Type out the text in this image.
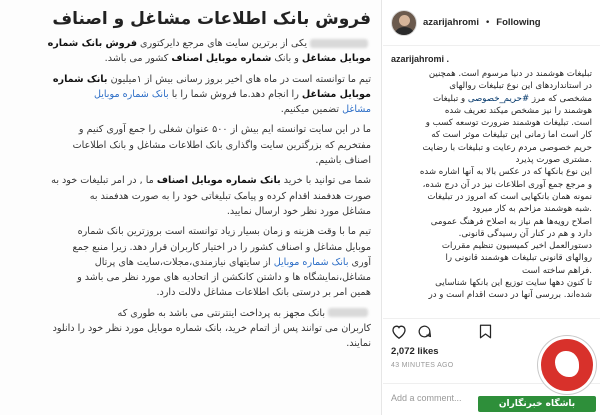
فروش بانک اطلاعات مشاغل و اصناف
یکی از برترین سایت های مرجع دایرکتوری فروش بانک شماره
موبایل مشاغل و بانک شماره موبایل اصناف کشور می باشد.
تیم ما توانسته است در ماه های اخیر بروز رسانی بیش از ۱میلیون بانک شماره
موبایل مشاغل را انجام دهد.ما فروش شما را با بانک شماره موبایل
مشاغل تضمین میکنیم.
ما در این سایت توانسته ایم بیش از ۵۰۰ عنوان شغلی را جمع آوری کنیم و
مفتخریم که بزرگترین سایت واگذاری بانک اطلاعات مشاغل و بانک اطلاعات
اصناف باشیم.
شما می توانید با خرید بانک شماره موبایل اصناف ما , در امر تبلیغات خود به
صورت هدفمند اقدام کرده و پیامک تبلیغاتی خود را به صورت هدفمند به
مشاغل مورد نظر خود ارسال نمایید.
تیم ما با وقت هزینه و زمان بسیار زیاد توانسته است بروزترین بانک شماره
موبایل مشاغل و اصناف کشور را در اختیار کاربران قرار دهد. زیرا منبع جمع
آوری بانک شماره موبایل از سایتهای نیازمندی،مجلات،سایت های پرتال
مشاغل،نمایشگاه ها و داشتن کانکشن از اتحادیه های مورد نظر می باشد و
همین امر بر درستی بانک اطلاعات مشاغل دلالت دارد.
بانک مجهز به پرداخت اینترنتی می باشد به طوری که
کاربران می توانند پس از اتمام خرید، بانک شماره موبایل مورد نظر خود را دانلود
نمایند.
azarijahromi • Following
azarijahromi .
تبلیغات هوشمند در دنیا مرسوم است. همچنین
در استانداردهای این نوع تبلیغات روالهای
مشخصی که مرز #حریم_خصوصی و تبلیغات
هوشمند را نیز مشخص میکند تعریف شده
است. تبلیغات هوشمند ضرورت توسعه کسب و
کار است اما زمانی این تبلیغات موثر است که
حریم خصوصی مردم رعایت و تبلیغات با رضایت
.مشتری صورت پذیرد
این نوع بانکها که در عکس بالا به آنها اشاره شده
و مرجع جمع آوری اطلاعات نیز در آن درج شده،
نمونه همان بانکهایی است که امروز در تبلیغات
.شبه هوشمند مزاحم به کار میرود
اصلاح رویه‌ها هم نیاز به اصلاح فرهنگ عمومی
دارد و هم در کنار آن رسیدگی قانونی.
دستورالعمل اخیر کمیسیون تنظیم مقررات
روالهای قانونی تبلیغات هوشمند قانونی را
.فراهم ساخته است
تا کنون دهها سایت توزیع این بانکها شناسایی
شده‌اند. بررسی آنها در دست اقدام است و در
2,072 likes
43 MINUTES AGO
Add a comment...
باشگاه خبرنگاران
